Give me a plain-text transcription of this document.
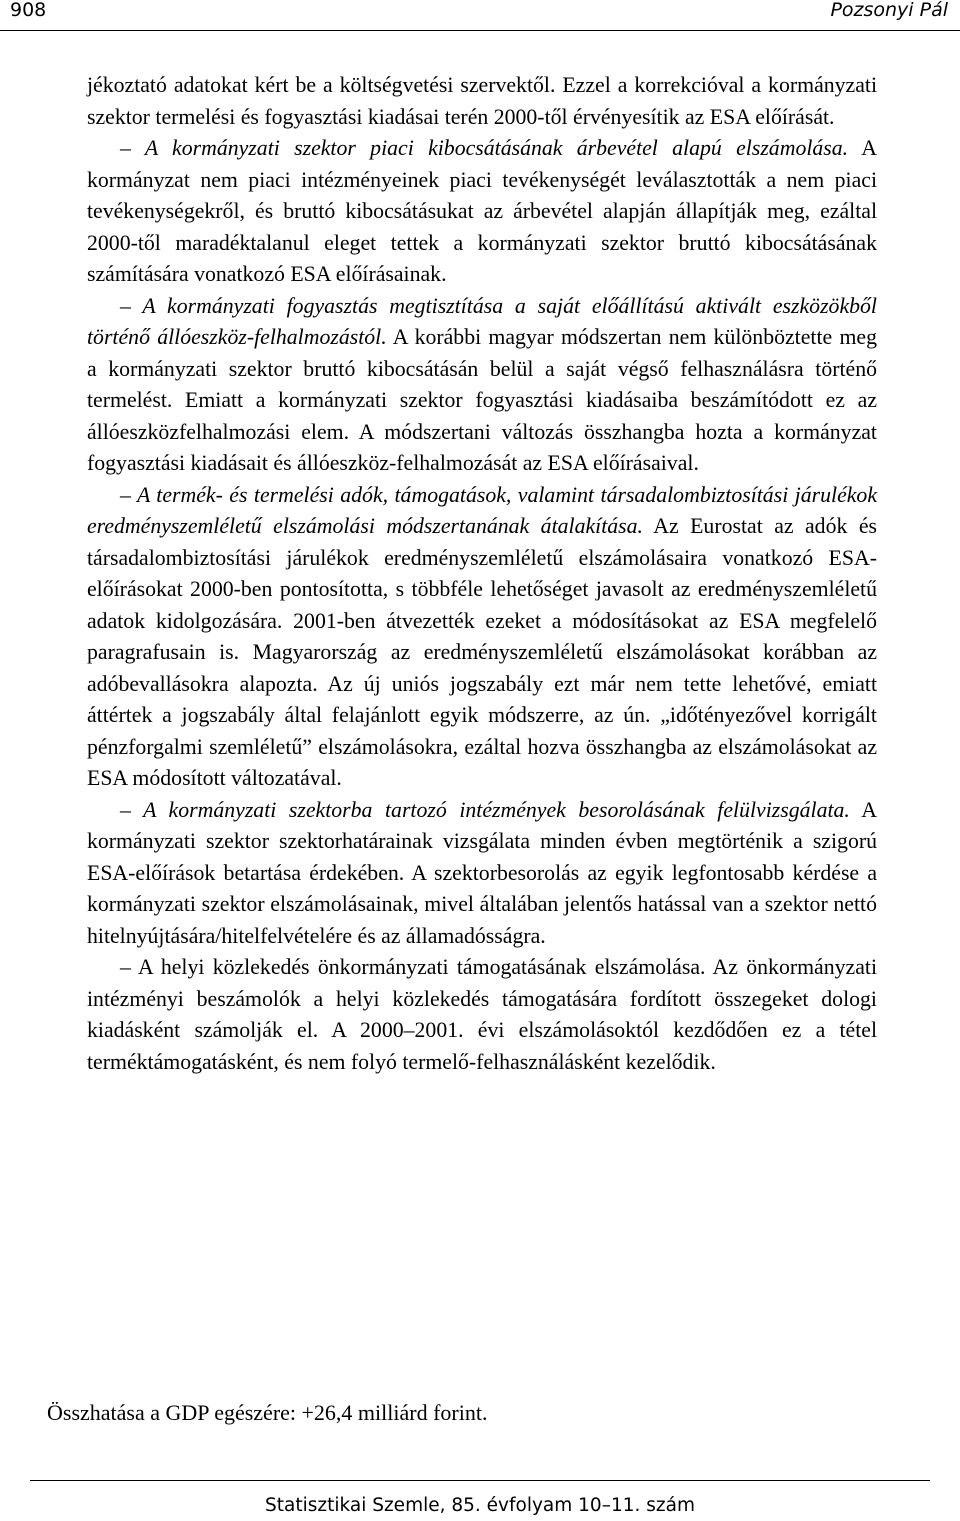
908	Pozsonyi Pál

jékoztató adatokat kért be a költségvetési szervektől. Ezzel a korrekcióval a kormányzati szektor termelési és fogyasztási kiadásai terén 2000-től érvényesítik az ESA előírását.

– A kormányzati szektor piaci kibocsátásának árbevétel alapú elszámolása. A kormányzat nem piaci intézményeinek piaci tevékenységét leválasztották a nem piaci tevékenységekről, és bruttó kibocsátásukat az árbevétel alapján állapítják meg, ezáltal 2000-től maradéktalanul eleget tettek a kormányzati szektor bruttó kibocsátásának számítására vonatkozó ESA előírásainak.

– A kormányzati fogyasztás megtisztítása a saját előállítású aktivált eszközökből történő állóeszköz-felhalmozástól. A korábbi magyar módszertan nem különböztette meg a kormányzati szektor bruttó kibocsátásán belül a saját végső felhasználásra történő termelést. Emiatt a kormányzati szektor fogyasztási kiadásaiba beszámítódott ez az állóeszközfelhalmozási elem. A módszertani változás összhangba hozta a kormányzat fogyasztási kiadásait és állóeszköz-felhalmozását az ESA előírásaival.

– A termék- és termelési adók, támogatások, valamint társadalombiztosítási járulékok eredményszemléletű elszámolási módszertanának átalakítása. Az Eurostat az adók és társadalombiztosítási járulékok eredményszemléletű elszámolásaira vonatkozó ESA-előírásokat 2000-ben pontosította, s többféle lehetőséget javasolt az eredményszemléletű adatok kidolgozására. 2001-ben átvezették ezeket a módosításokat az ESA megfelelő paragrafusain is. Magyarország az eredményszemléletű elszámolásokat korábban az adóbevallásokra alapozta. Az új uniós jogszabály ezt már nem tette lehetővé, emiatt áttértek a jogszabály által felajánlott egyik módszerre, az ún. „időtényezővel korrigált pénzforgalmi szemléletű” elszámolásokra, ezáltal hozva összhangba az elszámolásokat az ESA módosított változatával.

– A kormányzati szektorba tartozó intézmények besorolásának felülvizsgálata. A kormányzati szektor szektorhatárainak vizsgálata minden évben megtörténik a szigorú ESA-előírások betartása érdekében. A szektorbesorolás az egyik legfontosabb kérdése a kormányzati szektor elszámolásainak, mivel általában jelentős hatással van a szektor nettó hitelnyújtására/hitelfelvételére és az államadósságra.

– A helyi közlekedés önkormányzati támogatásának elszámolása. Az önkormányzati intézményi beszámolók a helyi közlekedés támogatására fordított összegeket dologi kiadásként számolják el. A 2000–2001. évi elszámolásoktól kezdődően ez a tétel terméktámogatásként, és nem folyó termelő-felhasználásként kezelődik.

Összhatása a GDP egészére: +26,4 milliárd forint.
Statisztikai Szemle, 85. évfolyam 10–11. szám
